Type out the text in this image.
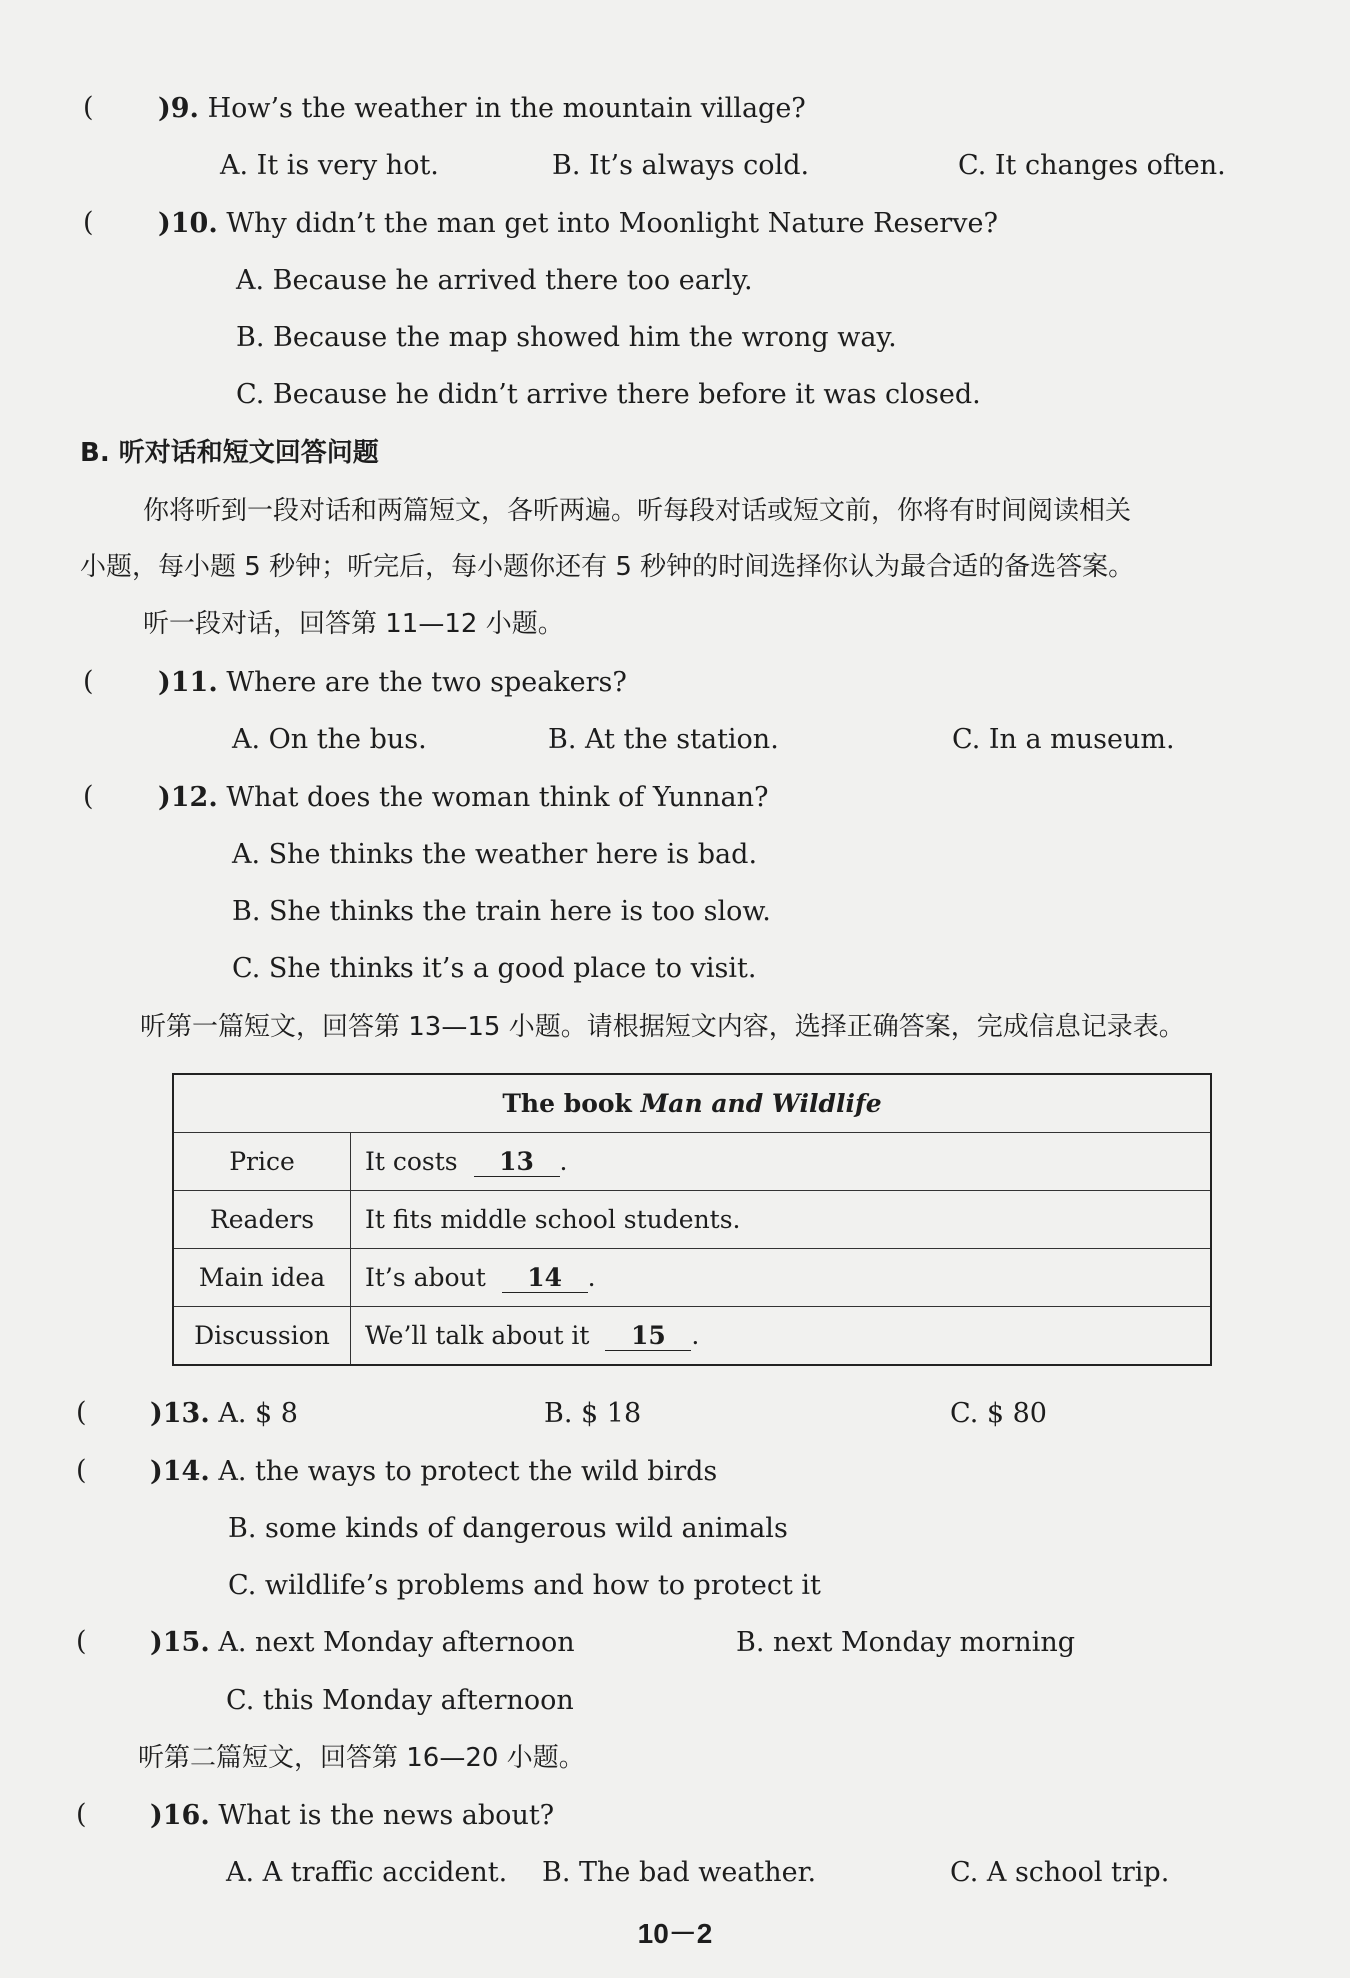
( )9. How’s the weather in the mountain village?
A. It is very hot.	B. It’s always cold.	C. It changes often.
( )10. Why didn’t the man get into Moonlight Nature Reserve?
A. Because he arrived there too early.
B. Because the map showed him the wrong way.
C. Because he didn’t arrive there before it was closed.
B. 听对话和短文回答问题
你将听到一段对话和两篇短文，各听两遍。听每段对话或短文前，你将有时间阅读相关
小题，每小题 5 秒钟；听完后，每小题你还有 5 秒钟的时间选择你认为最合适的备选答案。
听一段对话，回答第 11—12 小题。
( )11. Where are the two speakers?
A. On the bus.	B. At the station.	C. In a museum.
( )12. What does the woman think of Yunnan?
A. She thinks the weather here is bad.
B. She thinks the train here is too slow.
C. She thinks it’s a good place to visit.
听第一篇短文，回答第 13—15 小题。请根据短文内容，选择正确答案，完成信息记录表。
The book Man and Wildlife	
Price	It costs 13 .
Readers	It fits middle school students.
Main idea	It’s about 14 .
Discussion	We’ll talk about it 15 .
( )13. A. $ 8	B. $ 18	C. $ 80
( )14. A. the ways to protect the wild birds
B. some kinds of dangerous wild animals
C. wildlife’s problems and how to protect it
( )15. A. next Monday afternoon	B. next Monday morning
C. this Monday afternoon
听第二篇短文，回答第 16—20 小题。
( )16. What is the news about?
A. A traffic accident. B. The bad weather.	C. A school trip.
10－2
